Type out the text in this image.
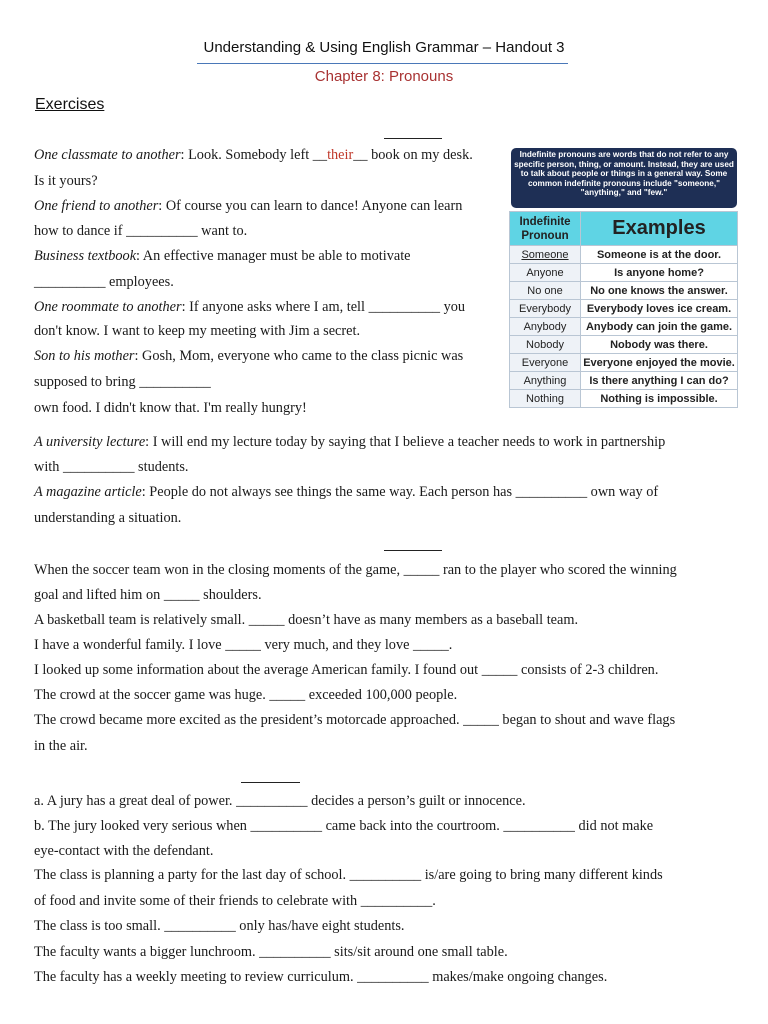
Understanding & Using English Grammar – Handout 3
Chapter 8: Pronouns
Exercises
One classmate to another: Look. Somebody left __their__ book on my desk.
Is it yours?
One friend to another: Of course you can learn to dance! Anyone can learn
how to dance if __________ want to.
Business textbook: An effective manager must be able to motivate
__________ employees.
One roommate to another: If anyone asks where I am, tell __________ you
don't know. I want to keep my meeting with Jim a secret.
Son to his mother: Gosh, Mom, everyone who came to the class picnic was
supposed to bring __________
own food. I didn't know that. I'm really hungry!
A university lecture: I will end my lecture today by saying that I believe a teacher needs to work in partnership
with __________ students.
A magazine article: People do not always see things the same way. Each person has __________ own way of
understanding a situation.
Indefinite pronouns are words that do not refer to any specific person, thing, or amount. Instead, they are used to talk about people or things in a general way. Some common indefinite pronouns include "someone," "anything," and "few."
Indefinite Pronoun	Examples
Someone	Someone is at the door.
Anyone	Is anyone home?
No one	No one knows the answer.
Everybody	Everybody loves ice cream.
Anybody	Anybody can join the game.
Nobody	Nobody was there.
Everyone	Everyone enjoyed the movie.
Anything	Is there anything I can do?
Nothing	Nothing is impossible.
When the soccer team won in the closing moments of the game, _____ ran to the player who scored the winning
goal and lifted him on _____ shoulders.
A basketball team is relatively small. _____ doesn’t have as many members as a baseball team.
I have a wonderful family. I love _____ very much, and they love _____.
I looked up some information about the average American family. I found out _____ consists of 2-3 children.
The crowd at the soccer game was huge. _____ exceeded 100,000 people.
The crowd became more excited as the president’s motorcade approached. _____ began to shout and wave flags
in the air.
a. A jury has a great deal of power. __________ decides a person’s guilt or innocence.
b. The jury looked very serious when __________ came back into the courtroom. __________ did not make
eye-contact with the defendant.
The class is planning a party for the last day of school. __________ is/are going to bring many different kinds
of food and invite some of their friends to celebrate with __________.
The class is too small. __________ only has/have eight students.
The faculty wants a bigger lunchroom. __________ sits/sit around one small table.
The faculty has a weekly meeting to review curriculum. __________ makes/make ongoing changes.
